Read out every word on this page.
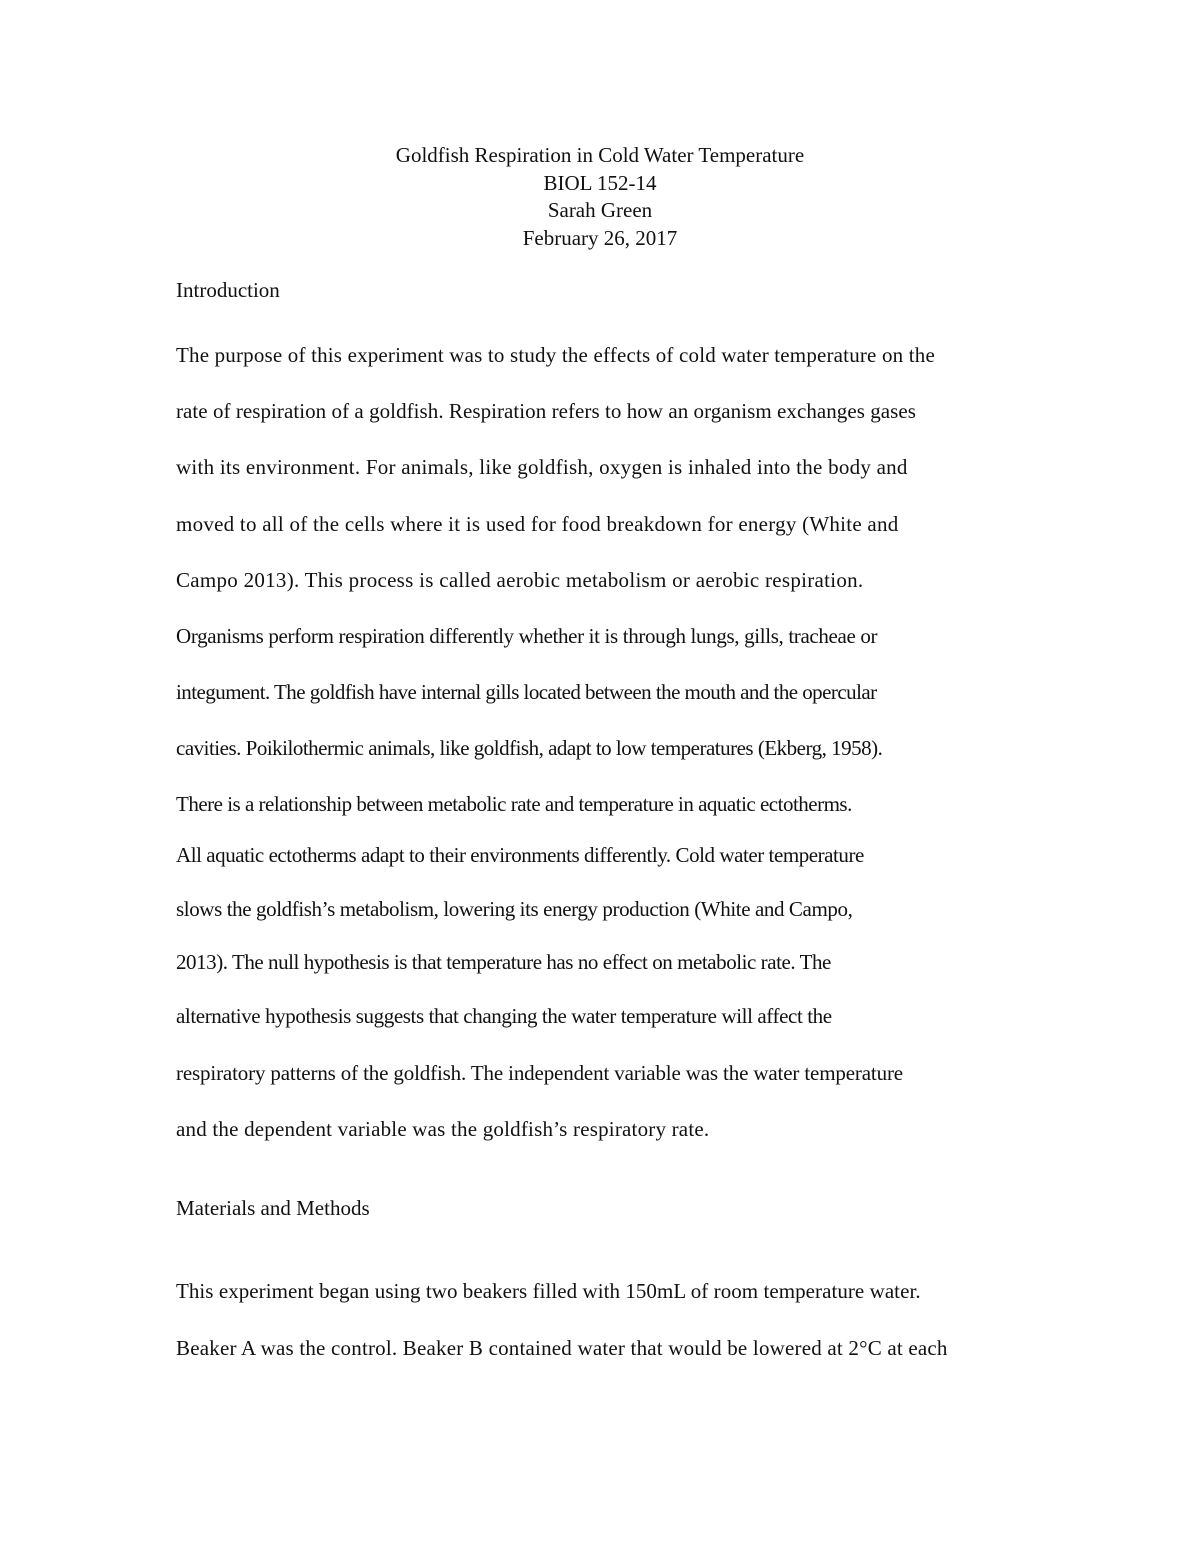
Goldfish Respiration in Cold Water Temperature
BIOL 152-14
Sarah Green
February 26, 2017
Introduction
The purpose of this experiment was to study the effects of cold water temperature on the
rate of respiration of a goldfish. Respiration refers to how an organism exchanges gases
with its environment. For animals, like goldfish, oxygen is inhaled into the body and
moved to all of the cells where it is used for food breakdown for energy (White and
Campo 2013). This process is called aerobic metabolism or aerobic respiration.
Organisms perform respiration differently whether it is through lungs, gills, tracheae or
integument. The goldfish have internal gills located between the mouth and the opercular
cavities. Poikilothermic animals, like goldfish, adapt to low temperatures (Ekberg, 1958).
There is a relationship between metabolic rate and temperature in aquatic ectotherms.
All aquatic ectotherms adapt to their environments differently. Cold water temperature
slows the goldfish’s metabolism, lowering its energy production (White and Campo,
2013). The null hypothesis is that temperature has no effect on metabolic rate. The
alternative hypothesis suggests that changing the water temperature will affect the
respiratory patterns of the goldfish. The independent variable was the water temperature
and the dependent variable was the goldfish’s respiratory rate.
Materials and Methods
This experiment began using two beakers filled with 150mL of room temperature water.
Beaker A was the control. Beaker B contained water that would be lowered at 2°C at each
